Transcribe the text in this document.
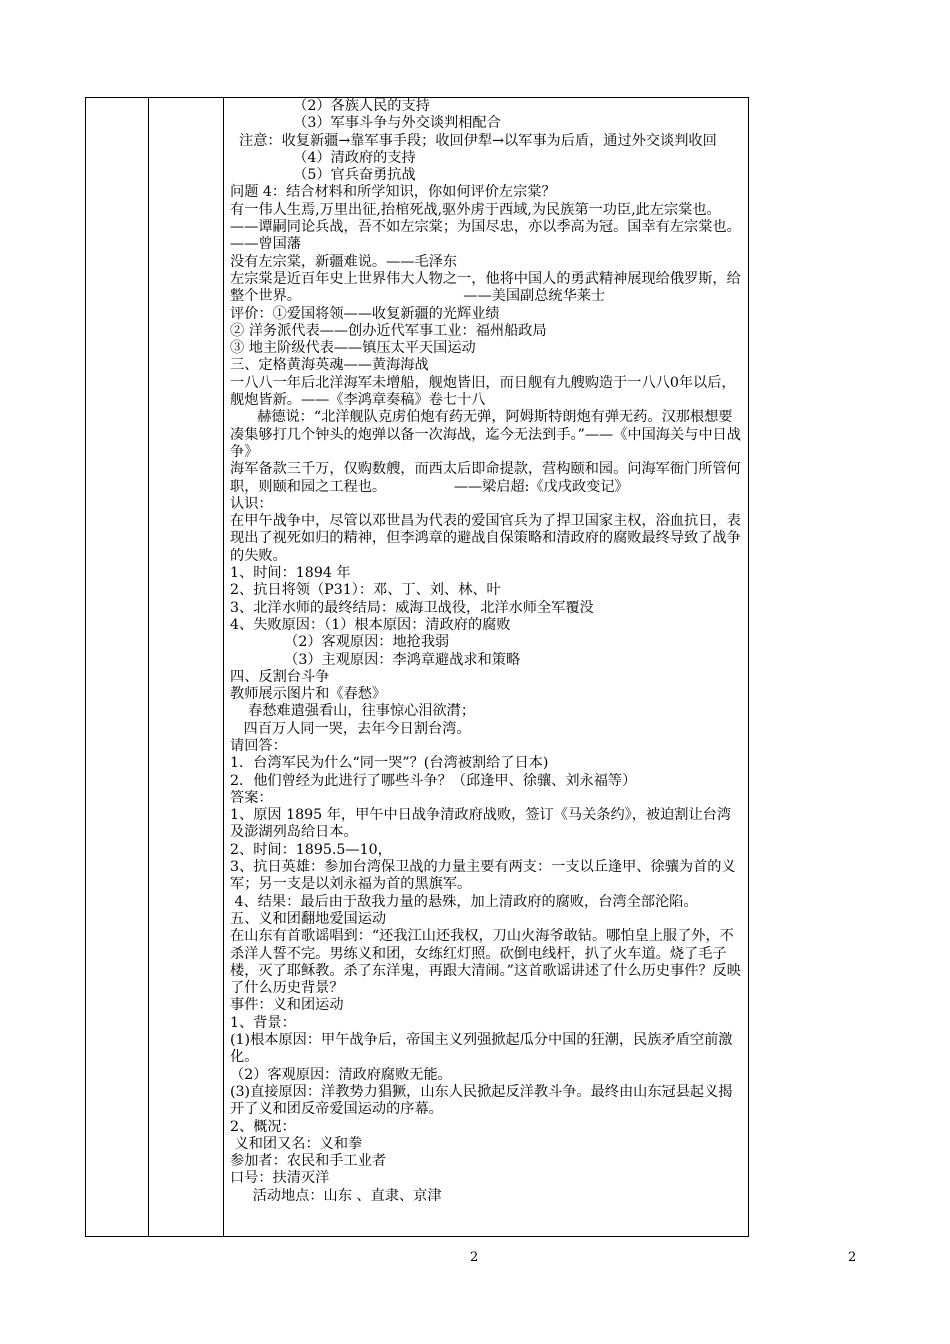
（2）各族人民的支持
（3）军事斗争与外交谈判相配合
注意：收复新疆→靠军事手段；收回伊犁→以军事为后盾，通过外交谈判收回
（4）清政府的支持
（5）官兵奋勇抗战
问题 4：结合材料和所学知识，你如何评价左宗棠？
有一伟人生焉,万里出征,抬棺死战,驱外虏于西域,为民族第一功臣,此左宗棠也。——谭嗣同论兵战，吾不如左宗棠；为国尽忠，亦以季高为冠。国幸有左宗棠也。——曾国藩
没有左宗棠，新疆难说。——毛泽东
左宗棠是近百年史上世界伟大人物之一，他将中国人的勇武精神展现给俄罗斯，给整个世界。                                    ——美国副总统华莱士
评价：①爱国将领——收复新疆的光辉业绩
② 洋务派代表——创办近代军事工业：福州船政局
③ 地主阶级代表——镇压太平天国运动
三、定格黄海英魂——黄海海战
一八八一年后北洋海军未增船，舰炮皆旧，而日舰有九艘购造于一八八0年以后，舰炮皆新。——《李鸿章奏稿》卷七十八
赫德说：“北洋舰队克虏伯炮有药无弹，阿姆斯特朗炮有弹无药。汉那根想要凑集够打几个钟头的炮弹以备一次海战，迄今无法到手。”——《中国海关与中日战争》
海军备款三千万，仅购数艘，而西太后即命提款，营构颐和园。问海军衙门所管何职，则颐和园之工程也。               ——梁启超:《戊戌政变记》
认识：
在甲午战争中，尽管以邓世昌为代表的爱国官兵为了捍卫国家主权，浴血抗日，表现出了视死如归的精神，但李鸿章的避战自保策略和清政府的腐败最终导致了战争的失败。
1、时间：1894 年
2、抗日将领（P31）：邓、丁、刘、林、叶
3、北洋水师的最终结局：威海卫战役，北洋水师全军覆没
4、失败原因：（1）根本原因：清政府的腐败
（2）客观原因：地抢我弱
（3）主观原因：李鸿章避战求和策略
四、反割台斗争
教师展示图片和《春愁》
春愁难遣强看山，往事惊心泪欲潸；
四百万人同一哭，去年今日割台湾。
请回答：
1．台湾军民为什么“同一哭”？(台湾被割给了日本)
2．他们曾经为此进行了哪些斗争？（邱逢甲、徐骧、刘永福等）
答案：
1、原因 1895 年，甲午中日战争清政府战败，签订《马关条约》，被迫割让台湾及澎湖列岛给日本。
2、时间：1895.5—10，
3、抗日英雄：参加台湾保卫战的力量主要有两支：一支以丘逢甲、徐骧为首的义军；另一支是以刘永福为首的黑旗军。
4、结果：最后由于敌我力量的悬殊，加上清政府的腐败，台湾全部沦陷。
五、义和团翻地爱国运动
在山东有首歌谣唱到：“还我江山还我权，刀山火海爷敢钻。哪怕皇上服了外，不杀洋人誓不完。男练义和团，女练红灯照。砍倒电线杆，扒了火车道。烧了毛子楼，灭了耶稣教。杀了东洋鬼，再跟大清闹。”这首歌谣讲述了什么历史事件？反映了什么历史背景？
事件：义和团运动
1、背景：
(1)根本原因：甲午战争后，帝国主义列强掀起瓜分中国的狂潮，民族矛盾空前激化。
（2）客观原因：清政府腐败无能。
(3)直接原因：洋教势力猖獗，山东人民掀起反洋教斗争。最终由山东冠县起义揭开了义和团反帝爱国运动的序幕。
2、概况：
义和团又名：义和拳
参加者：农民和手工业者
口号：扶清灭洋
活动地点：山东 、直隶、京津
2	2
